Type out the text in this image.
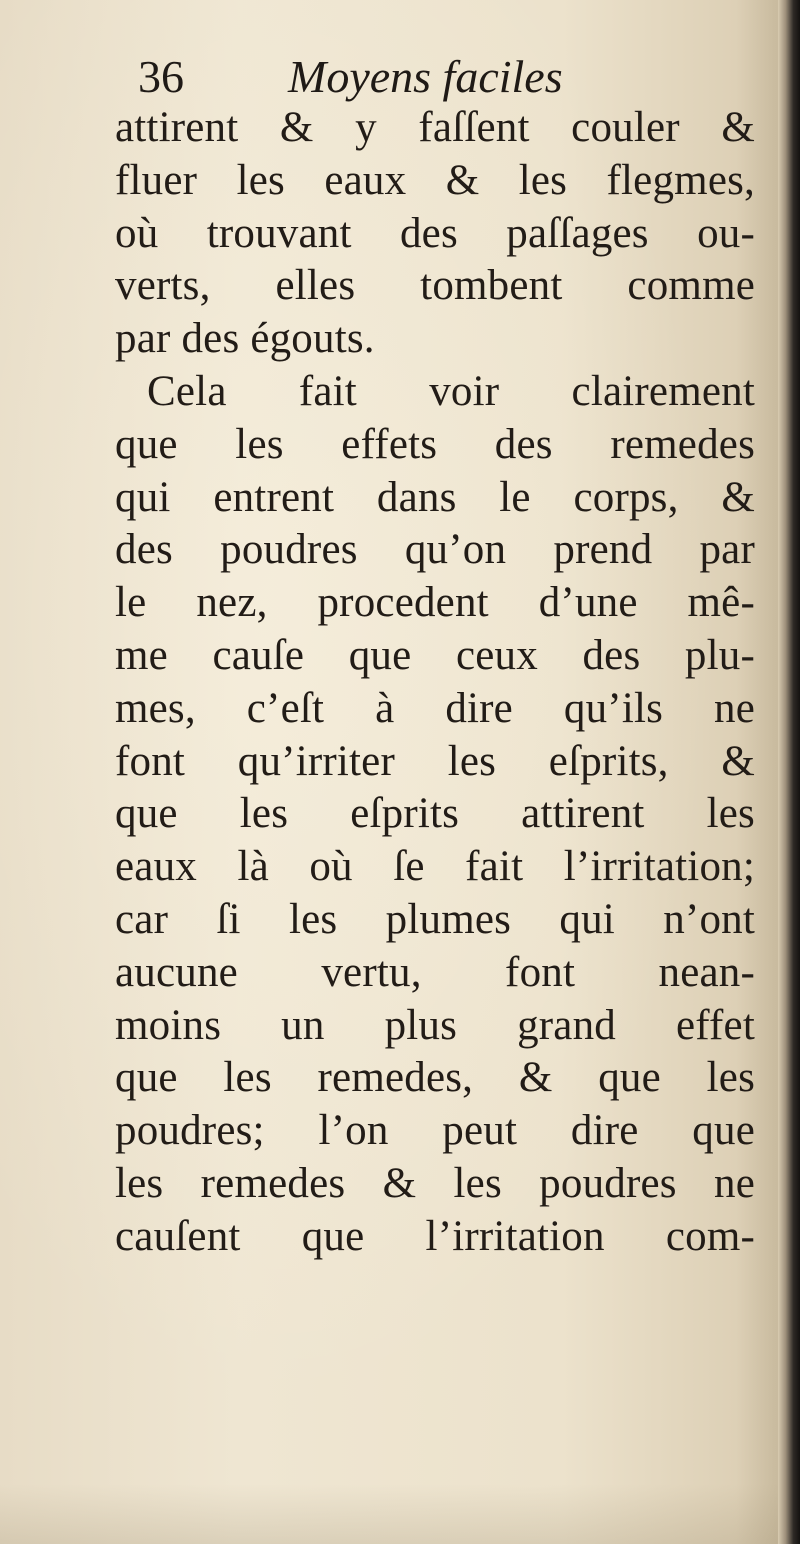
36 Moyens faciles
attirent & y faſſent couler &
fluer les eaux & les flegmes,
où trouvant des paſſages ou-
verts, elles tombent comme
par des égouts.
Cela fait voir clairement
que les effets des remedes
qui entrent dans le corps, &
des poudres qu’on prend par
le nez, procedent d’une mê-
me cauſe que ceux des plu-
mes, c’eſt à dire qu’ils ne
font qu’irriter les eſprits, &
que les eſprits attirent les
eaux là où ſe fait l’irritation;
car ſi les plumes qui n’ont
aucune vertu, font nean-
moins un plus grand effet
que les remedes, & que les
poudres; l’on peut dire que
les remedes & les poudres ne
cauſent que l’irritation com-
